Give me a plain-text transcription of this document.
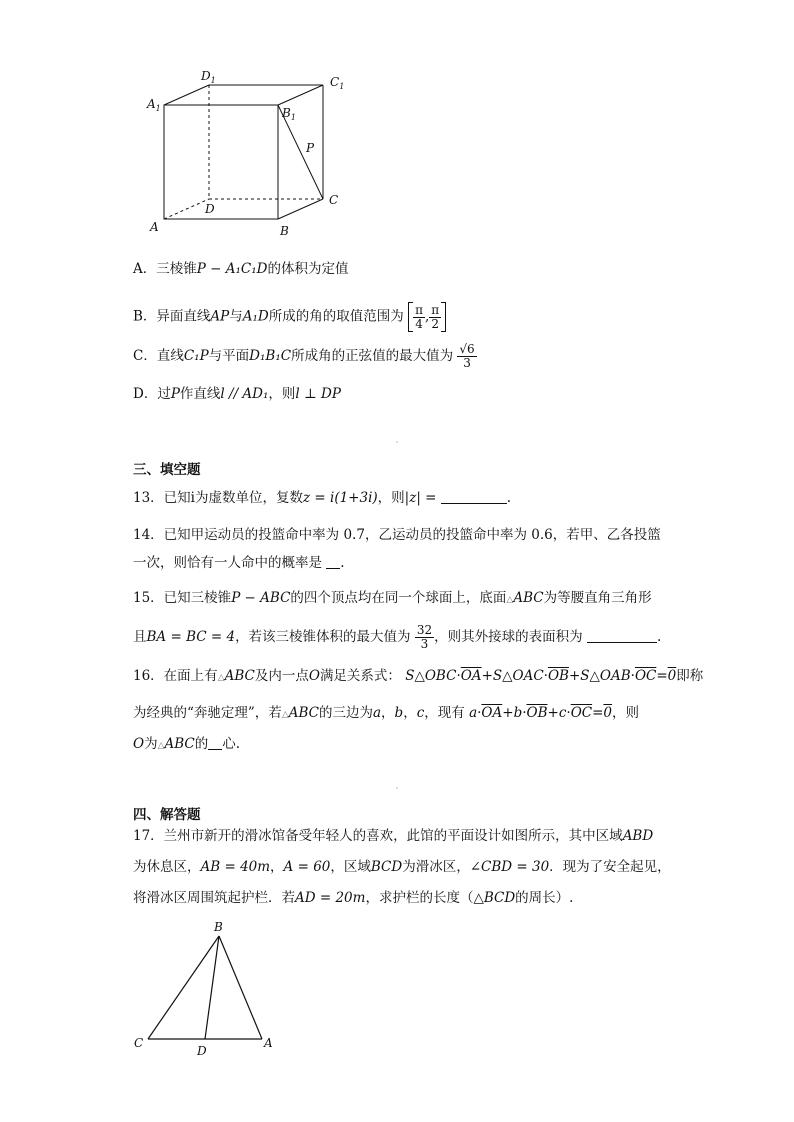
$D_1$	$C_1$
$A_1$	$B_1$
P
C
D
A	B
A．三棱锥P − A₁C₁D的体积为定值
B．异面直线AP与A₁D所成的角的取值范围为 $\frac{\pi}{4}$ , $\frac{\pi}{2}$
C．直线C₁P与平面D₁B₁C所成角的正弦值的最大值为 $\frac{√6}{3}$
D．过P作直线l // AD₁，则l ⊥ DP
三、填空题
13．已知i为虚数单位，复数z = i(1+3i)，则|z| =	.
14．已知甲运动员的投篮命中率为 0.7，乙运动员的投篮命中率为 0.6，若甲、乙各投篮
一次，则恰有一人命中的概率是 .
15．已知三棱锥P − ABC的四个顶点均在同一个球面上，底面△ABC为等腰直角三角形
且BA = BC = 4，若该三棱锥体积的最大值为 $\frac{32}{3}$ ，则其外接球的表面积为	.
16．在面上有△ABC及内一点O满足关系式： $S\triangle OBC\cdot\overline{OA}+S\triangle OAC\cdot\overline{OB}+S\triangle OAB\cdot\overline{OC}=0$即称
为经典的“奔驰定理”，若△ABC的三边为a，b，c，现有 $a\cdot\overline{OA}+b\cdot\overline{OB}+c\cdot\overline{OC}=0$，则
O为△ABC的 心.
四、解答题
17．兰州市新开的滑冰馆备受年轻人的喜欢，此馆的平面设计如图所示，其中区域ABD
为休息区，AB = 40m，A = 60，区域BCD为滑冰区，∠CBD = 30．现为了安全起见，
将滑冰区周围筑起护栏．若AD = 20m，求护栏的长度（△BCD的周长）.
B
C
D
A
